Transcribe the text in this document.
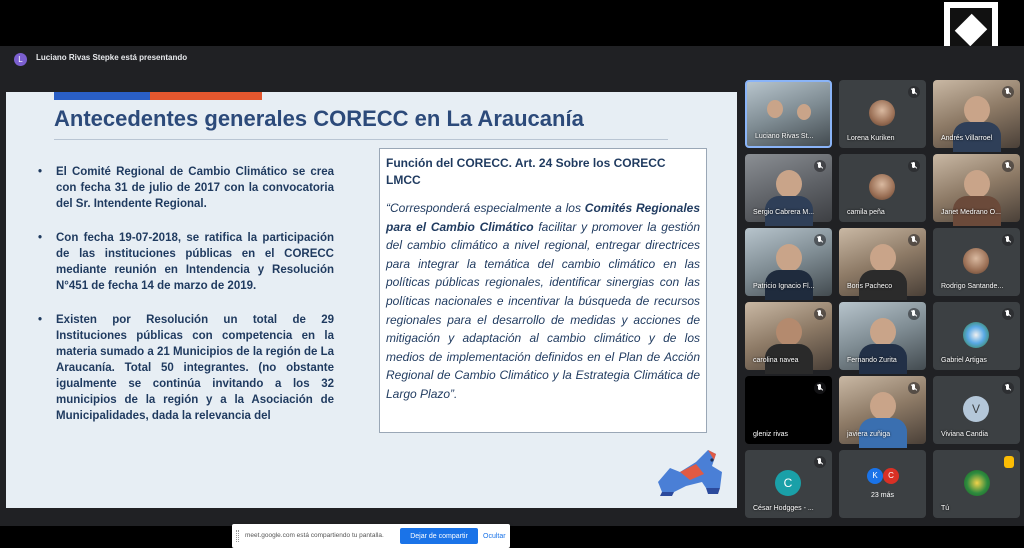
L	Luciano Rivas Stepke está presentando
Antecedentes generales CORECC en La Araucanía
• El Comité Regional de Cambio Climático se crea con fecha 31 de julio de 2017 con la convocatoria del Sr. Intendente Regional.
• Con fecha 19-07-2018, se ratifica la participación de las instituciones públicas en el CORECC mediante reunión en Intendencia y Resolución N°451 de fecha 14 de marzo de 2019.
• Existen por Resolución un total de 29 Instituciones públicas con competencia en la materia sumado a 21 Municipios de la región de La Araucanía. Total 50 integrantes. (no obstante igualmente se continúa invitando a los 32 municipios de la región y a la Asociación de Municipalidades, dada la relevancia del
Función del CORECC. Art. 24 Sobre los CORECC LMCC
“Corresponderá especialmente a los Comités Regionales para el Cambio Climático facilitar y promover la gestión del cambio climático a nivel regional, entregar directrices para integrar la temática del cambio climático en las políticas públicas regionales, identificar sinergias con las políticas nacionales e incentivar la búsqueda de recursos regionales para el desarrollo de medidas y acciones de mitigación y adaptación al cambio climático y de los medios de implementación definidos en el Plan de Acción Regional de Cambio Climático y la Estrategia Climática de Largo Plazo”.
meet.google.com está compartiendo tu pantalla.	Dejar de compartir	Ocultar
Luciano Rivas St...	Lorena Kuriken	Andrés Villarroel
Sergio Cabrera M...	camila peña	Janet Medrano O...
Patricio Ignacio Fl...	Boris Pacheco	Rodrigo Santande...
carolina navea	Fernando Zurita	Gabriel Artigas
gleniz rivas	javiera zuñiga
V
Viviana Candia
C
César Hodgges - ...
K	C
23 más
Tú
